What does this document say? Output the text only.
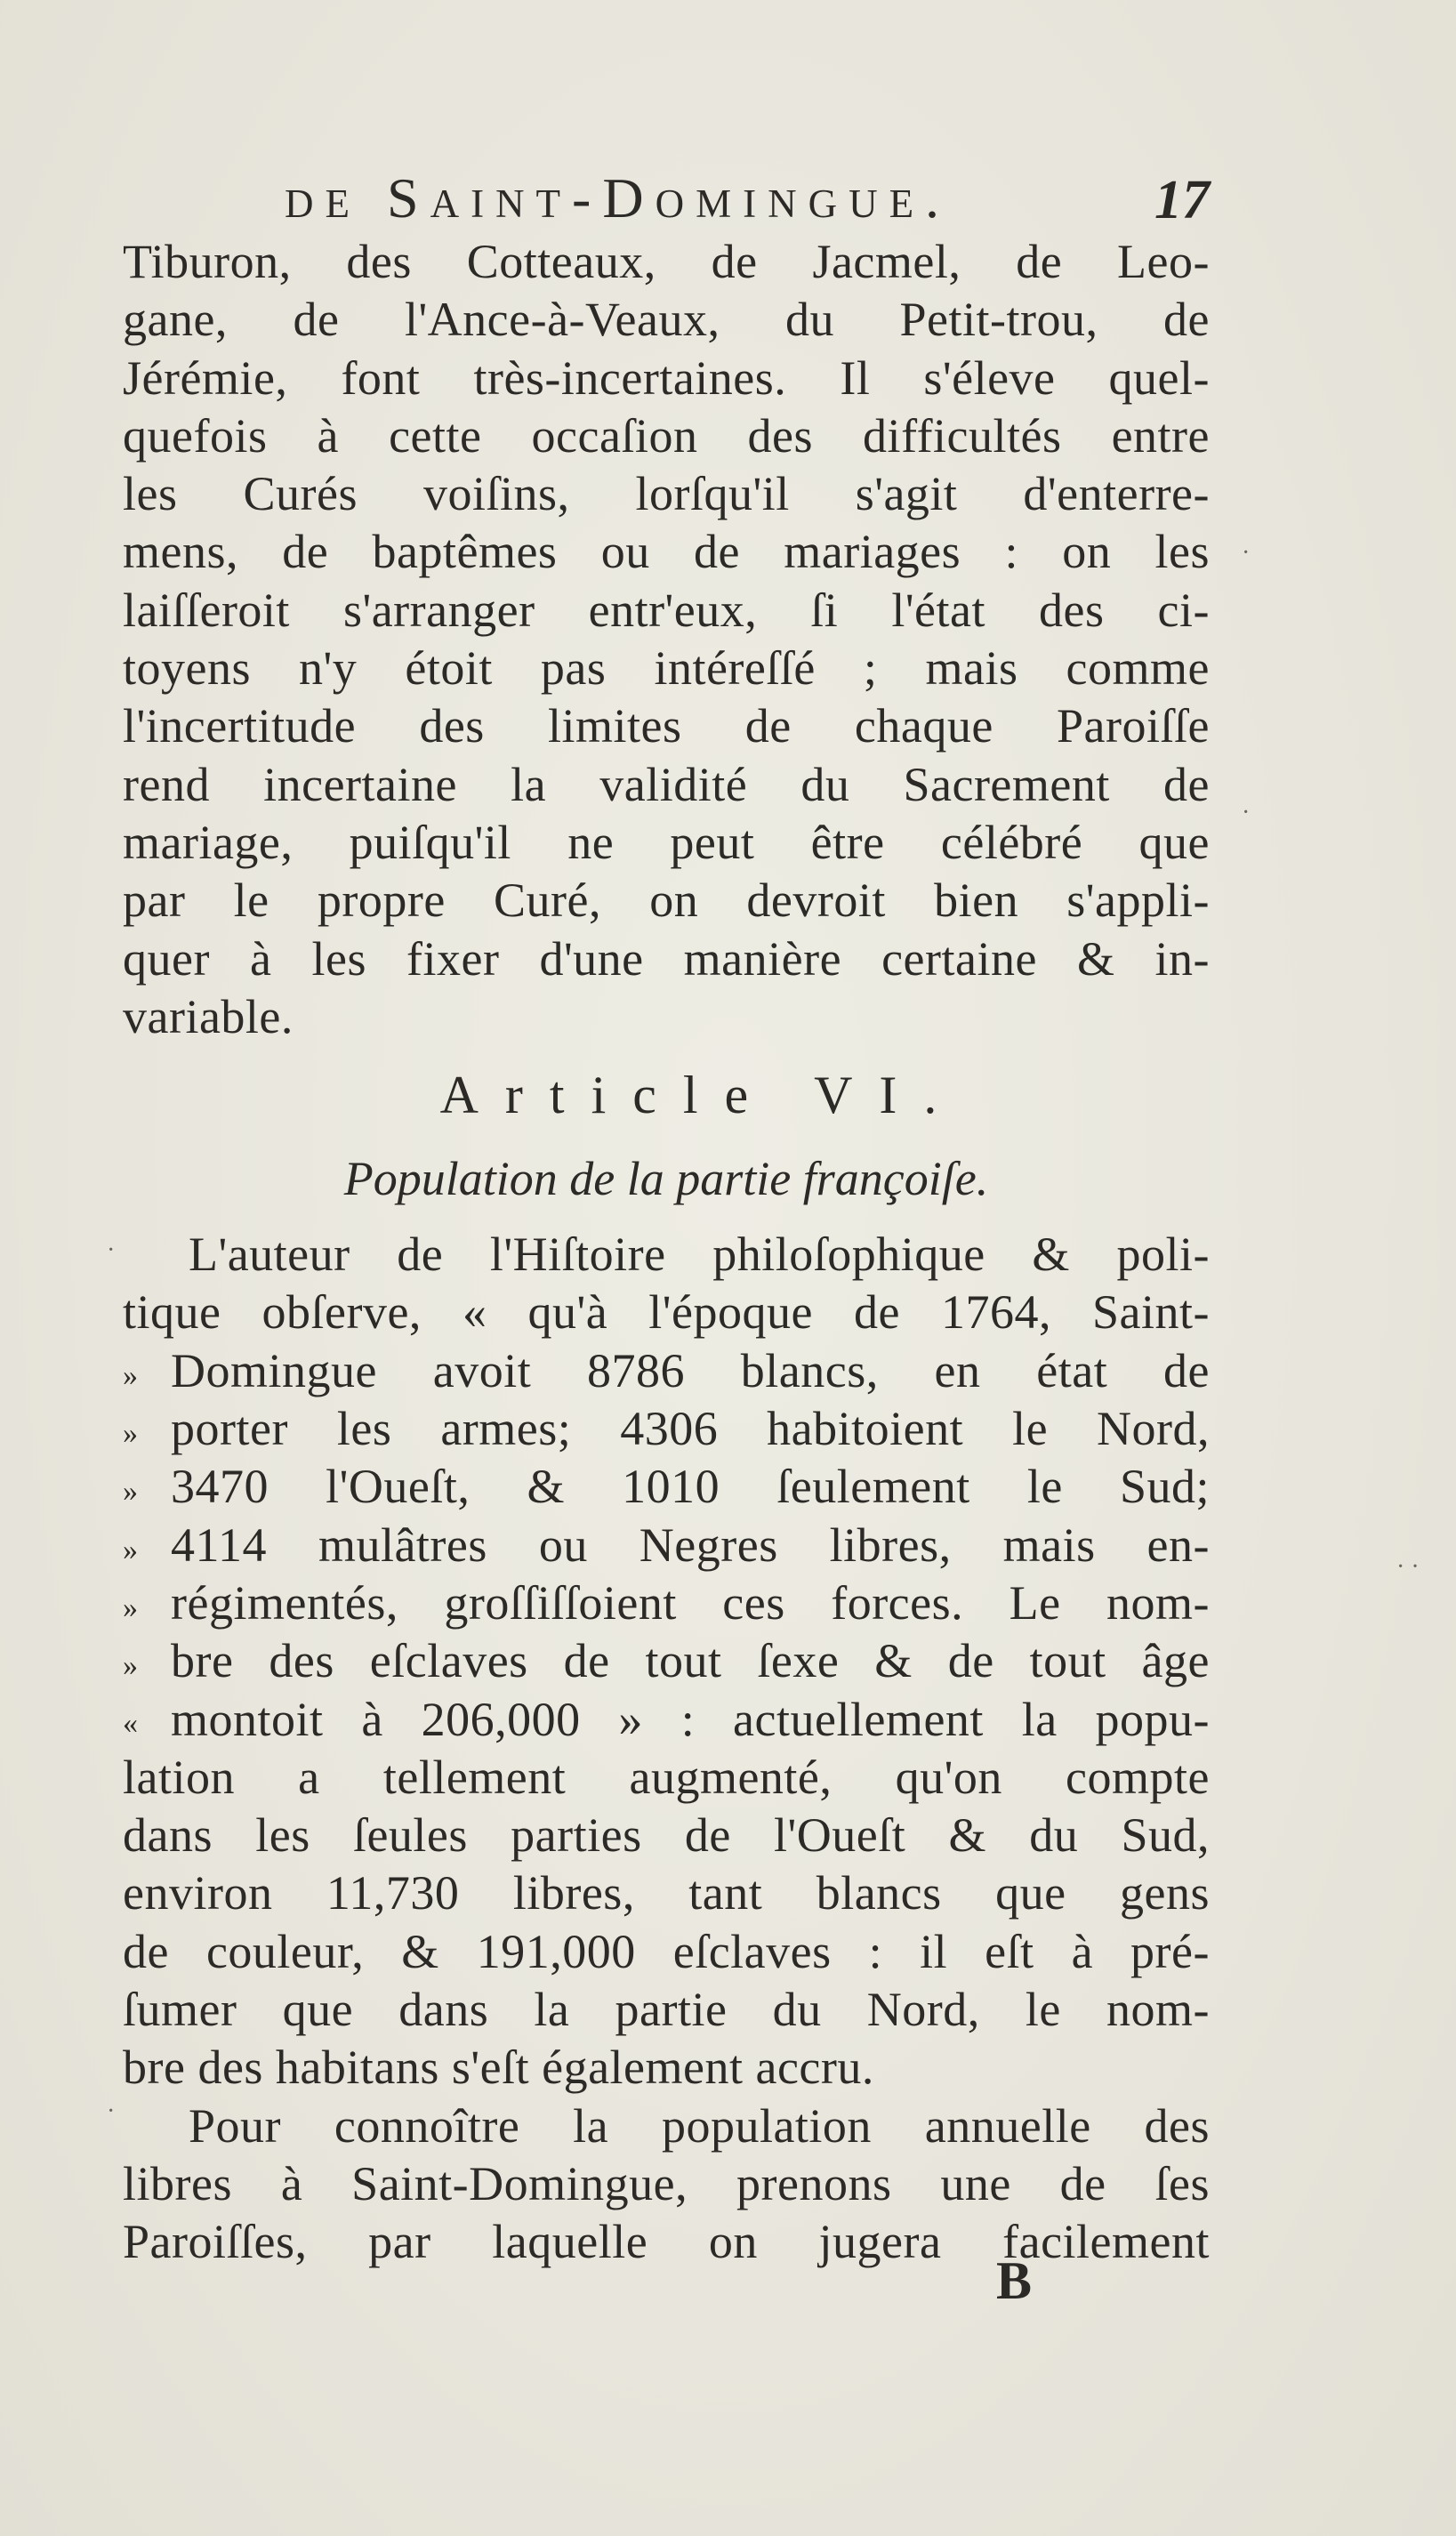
de Saint-Domingue.	17
Tiburon, des Cotteaux, de Jacmel, de Leo-
gane, de l'Ance-à-Veaux, du Petit-trou, de
Jérémie, font très-incertaines. Il s'éleve quel-
quefois à cette occaſion des difficultés entre
les Curés voiſins, lorſqu'il s'agit d'enterre-
mens, de baptêmes ou de mariages : on les
laiſſeroit s'arranger entr'eux, ſi l'état des ci-
toyens n'y étoit pas intéreſſé ; mais comme
l'incertitude des limites de chaque Paroiſſe
rend incertaine la validité du Sacrement de
mariage, puiſqu'il ne peut être célébré que
par le propre Curé, on devroit bien s'appli-
quer à les fixer d'une manière certaine & in-
variable.
Article VI.
Population de la partie françoiſe.
L'auteur de l'Hiſtoire philoſophique & poli-
tique obſerve, « qu'à l'époque de 1764, Saint-
» Domingue avoit 8786 blancs, en état de
» porter les armes; 4306 habitoient le Nord,
» 3470 l'Oueſt, & 1010 ſeulement le Sud;
» 4114 mulâtres ou Negres libres, mais en-
» régimentés, groſſiſſoient ces forces. Le nom-
» bre des eſclaves de tout ſexe & de tout âge
« montoit à 206,000 » : actuellement la popu-
lation a tellement augmenté, qu'on compte
dans les ſeules parties de l'Oueſt & du Sud,
environ 11,730 libres, tant blancs que gens
de couleur, & 191,000 eſclaves : il eſt à pré-
ſumer que dans la partie du Nord, le nom-
bre des habitans s'eſt également accru.
Pour connoître la population annuelle des
libres à Saint-Domingue, prenons une de ſes
Paroiſſes, par laquelle on jugera facilement
B
·
·
· ·
·
·
